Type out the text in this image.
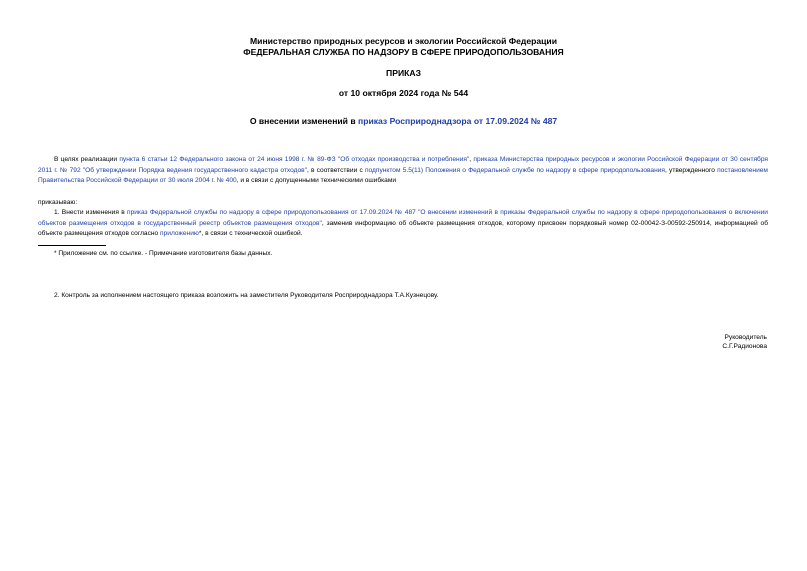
Министерство природных ресурсов и экологии Российской Федерации
ФЕДЕРАЛЬНАЯ СЛУЖБА ПО НАДЗОРУ В СФЕРЕ ПРИРОДОПОЛЬЗОВАНИЯ
ПРИКАЗ
от 10 октября 2024 года № 544
О внесении изменений в приказ Росприроднадзора от 17.09.2024 № 487
В целях реализации пункта 6 статьи 12 Федерального закона от 24 июня 1998 г. № 89-ФЗ "Об отходах производства и потребления", приказа Министерства природных ресурсов и экологии Российской Федерации от 30 сентября 2011 г. № 792 "Об утверждении Порядка ведения государственного кадастра отходов", в соответствии с подпунктом 5.5(11) Положения о Федеральной службе по надзору в сфере природопользования, утвержденного постановлением Правительства Российской Федерации от 30 июля 2004 г. № 400, и в связи с допущенными техническими ошибками
приказываю:
1. Внести изменения в приказ Федеральной службы по надзору в сфере природопользования от 17.09.2024 № 487 "О внесении изменений в приказы Федеральной службы по надзору в сфере природопользования о включении объектов размещения отходов в государственный реестр объектов размещения отходов", заменив информацию об объекте размещения отходов, которому присвоен порядковый номер 02-00042-З-00592-250914, информацией об объекте размещения отходов согласно приложению*, в связи с технической ошибкой.
* Приложение см. по ссылке. - Примечание изготовителя базы данных.
2. Контроль за исполнением настоящего приказа возложить на заместителя Руководителя Росприроднадзора Т.А.Кузнецову.
Руководитель
С.Г.Радионова
